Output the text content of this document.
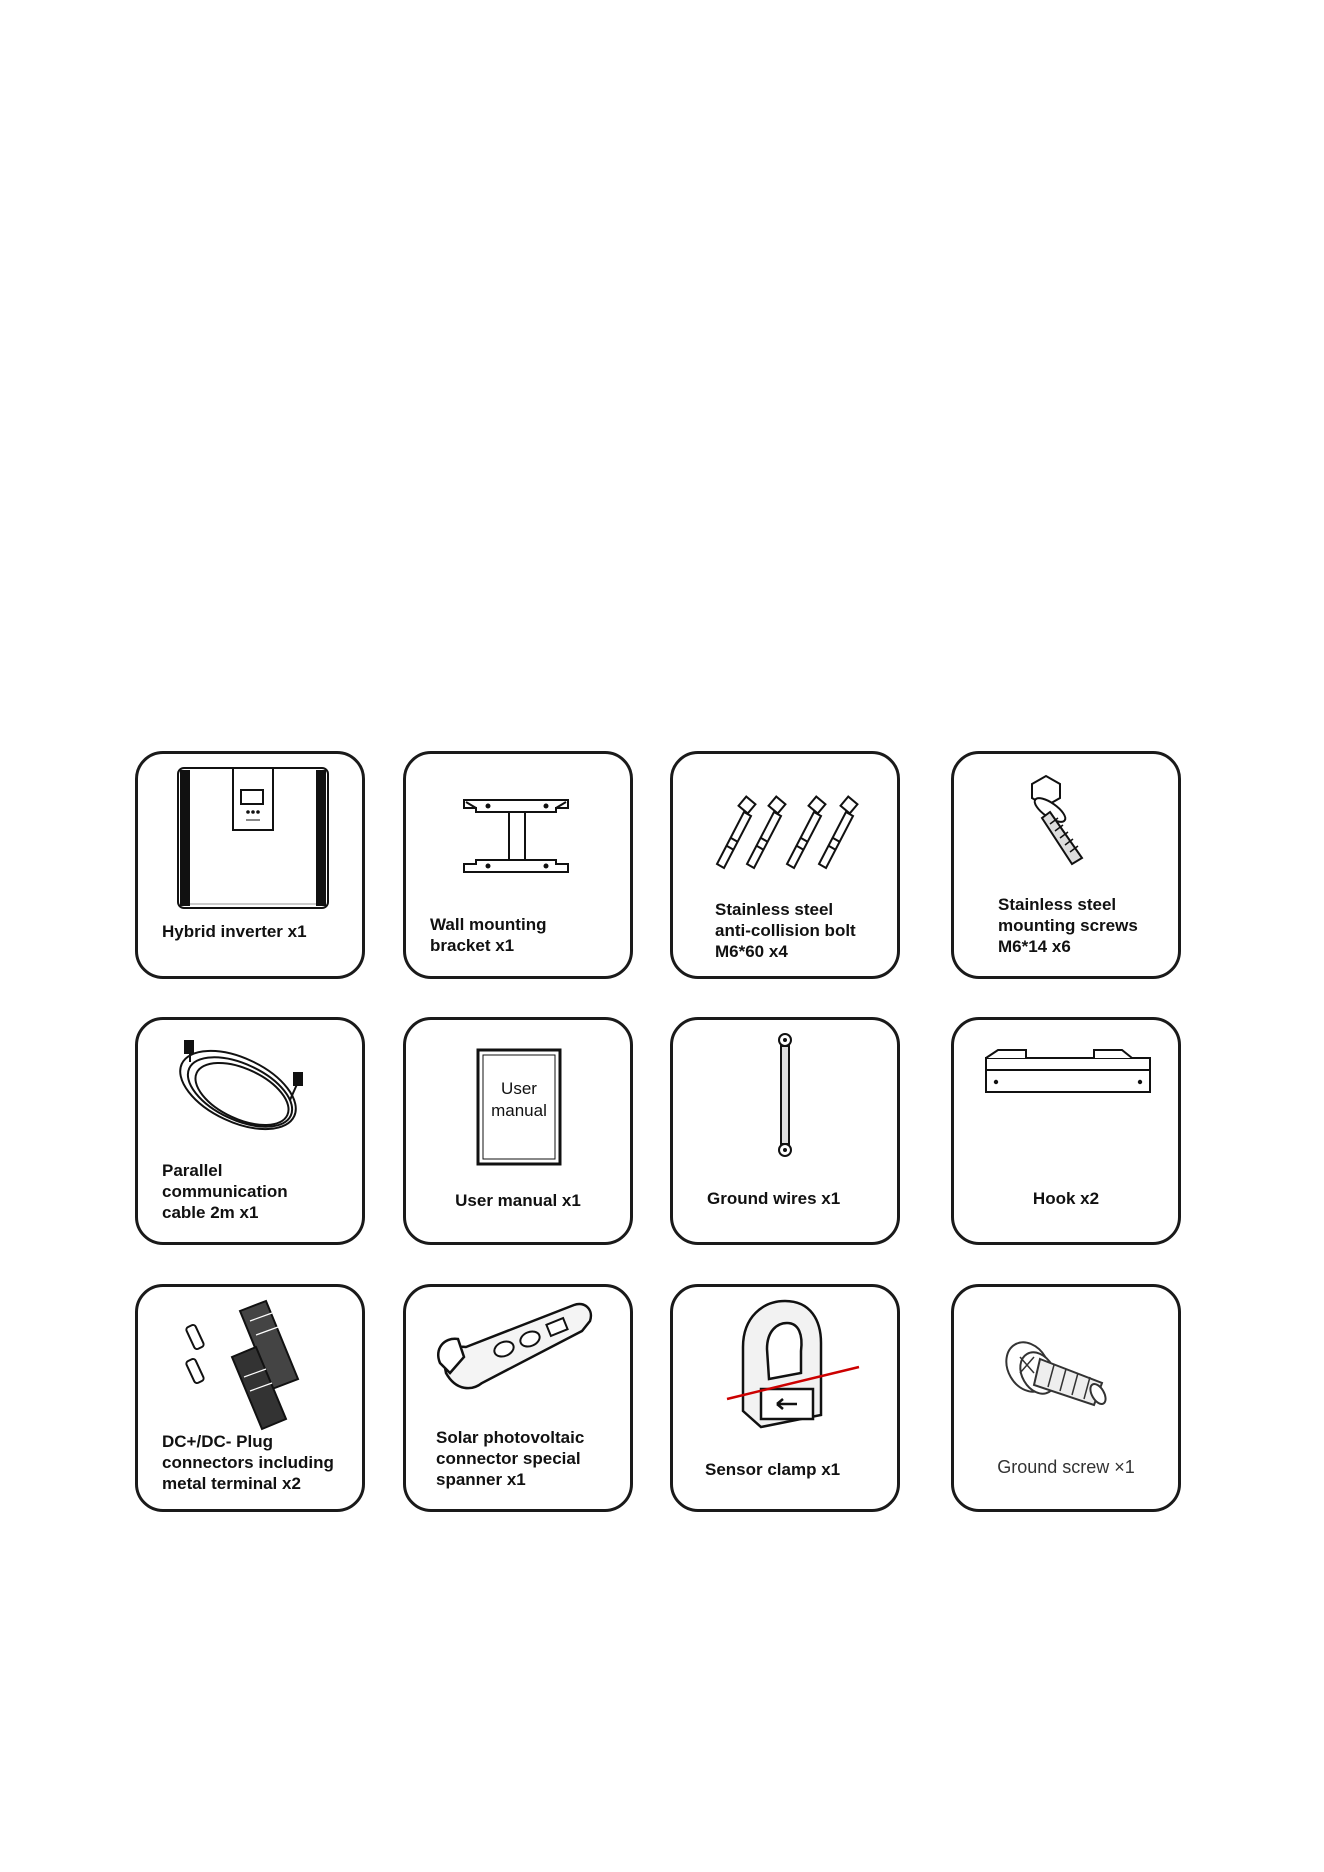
Hybrid inverter x1	Wall mounting
bracket x1
Stainless steel
anti-collision bolt
M6*60 x4
Stainless steel
mounting screws
M6*14 x6
Parallel
communication
cable 2m x1
User
manual
User manual x1	Ground wires x1	Hook x2
DC+/DC- Plug
connectors including
metal terminal x2
Solar photovoltaic
connector special
spanner x1
Sensor clamp x1	Ground screw ×1
